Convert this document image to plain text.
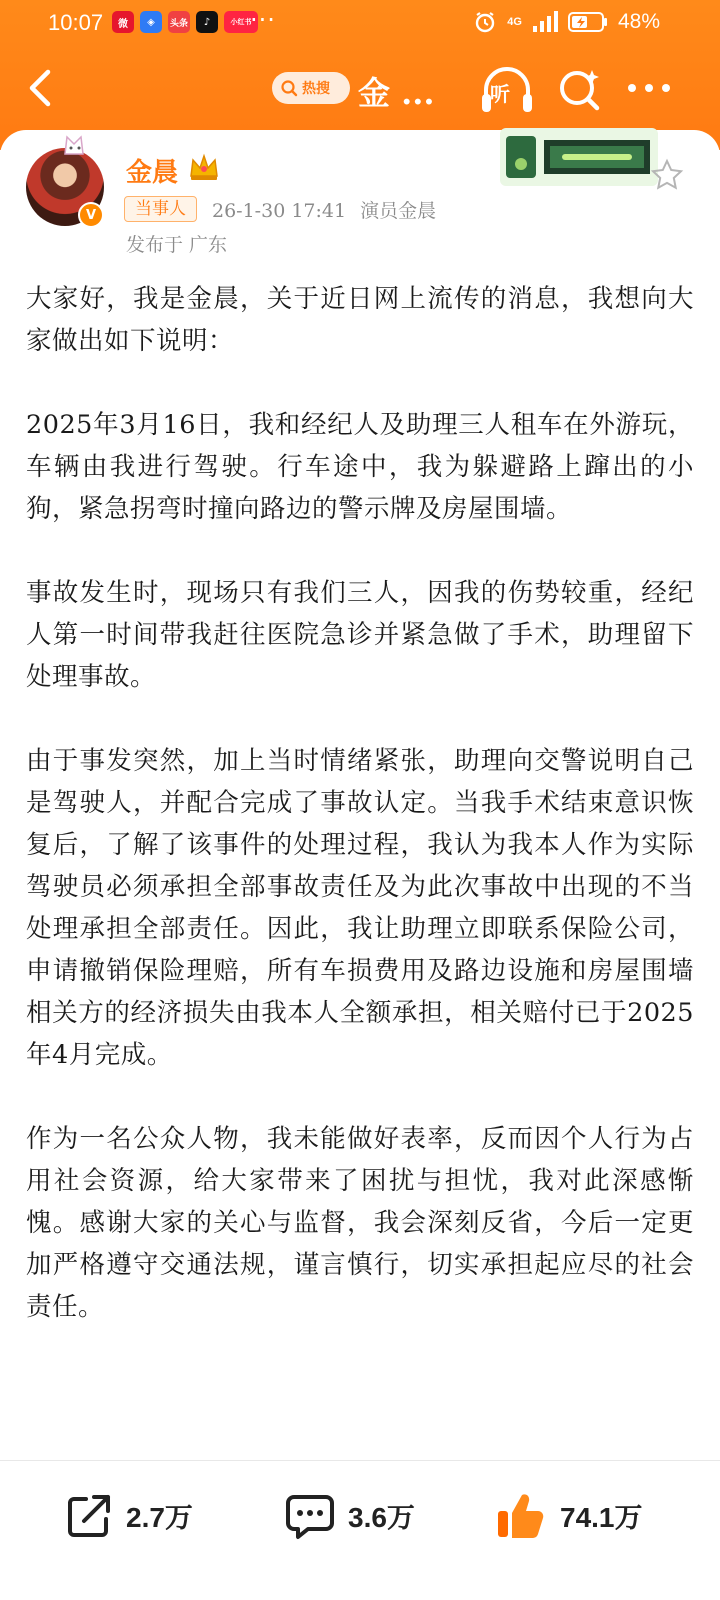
10:07	微	◈	头条	♪	小红书
···	4G	48%
热搜 金 ...	听
V
金晨
当事人	26-1-30 17:41 演员金晨
发布于 广东

大家好，我是金晨，关于近日网上流传的消息，我想向大家做出如下说明：

2025年3月16日，我和经纪人及助理三人租车在外游玩，车辆由我进行驾驶。行车途中，我为躲避路上蹿出的小狗，紧急拐弯时撞向路边的警示牌及房屋围墙。

事故发生时，现场只有我们三人，因我的伤势较重，经纪人第一时间带我赶往医院急诊并紧急做了手术，助理留下处理事故。

由于事发突然，加上当时情绪紧张，助理向交警说明自己是驾驶人，并配合完成了事故认定。当我手术结束意识恢复后，了解了该事件的处理过程，我认为我本人作为实际驾驶员必须承担全部事故责任及为此次事故中出现的不当处理承担全部责任。因此，我让助理立即联系保险公司，申请撤销保险理赔，所有车损费用及路边设施和房屋围墙相关方的经济损失由我本人全额承担，相关赔付已于2025年4月完成。

作为一名公众人物，我未能做好表率，反而因个人行为占用社会资源，给大家带来了困扰与担忧，我对此深感惭愧。感谢大家的关心与监督，我会深刻反省，今后一定更加严格遵守交通法规，谨言慎行，切实承担起应尽的社会责任。

2.7万	3.6万	74.1万
